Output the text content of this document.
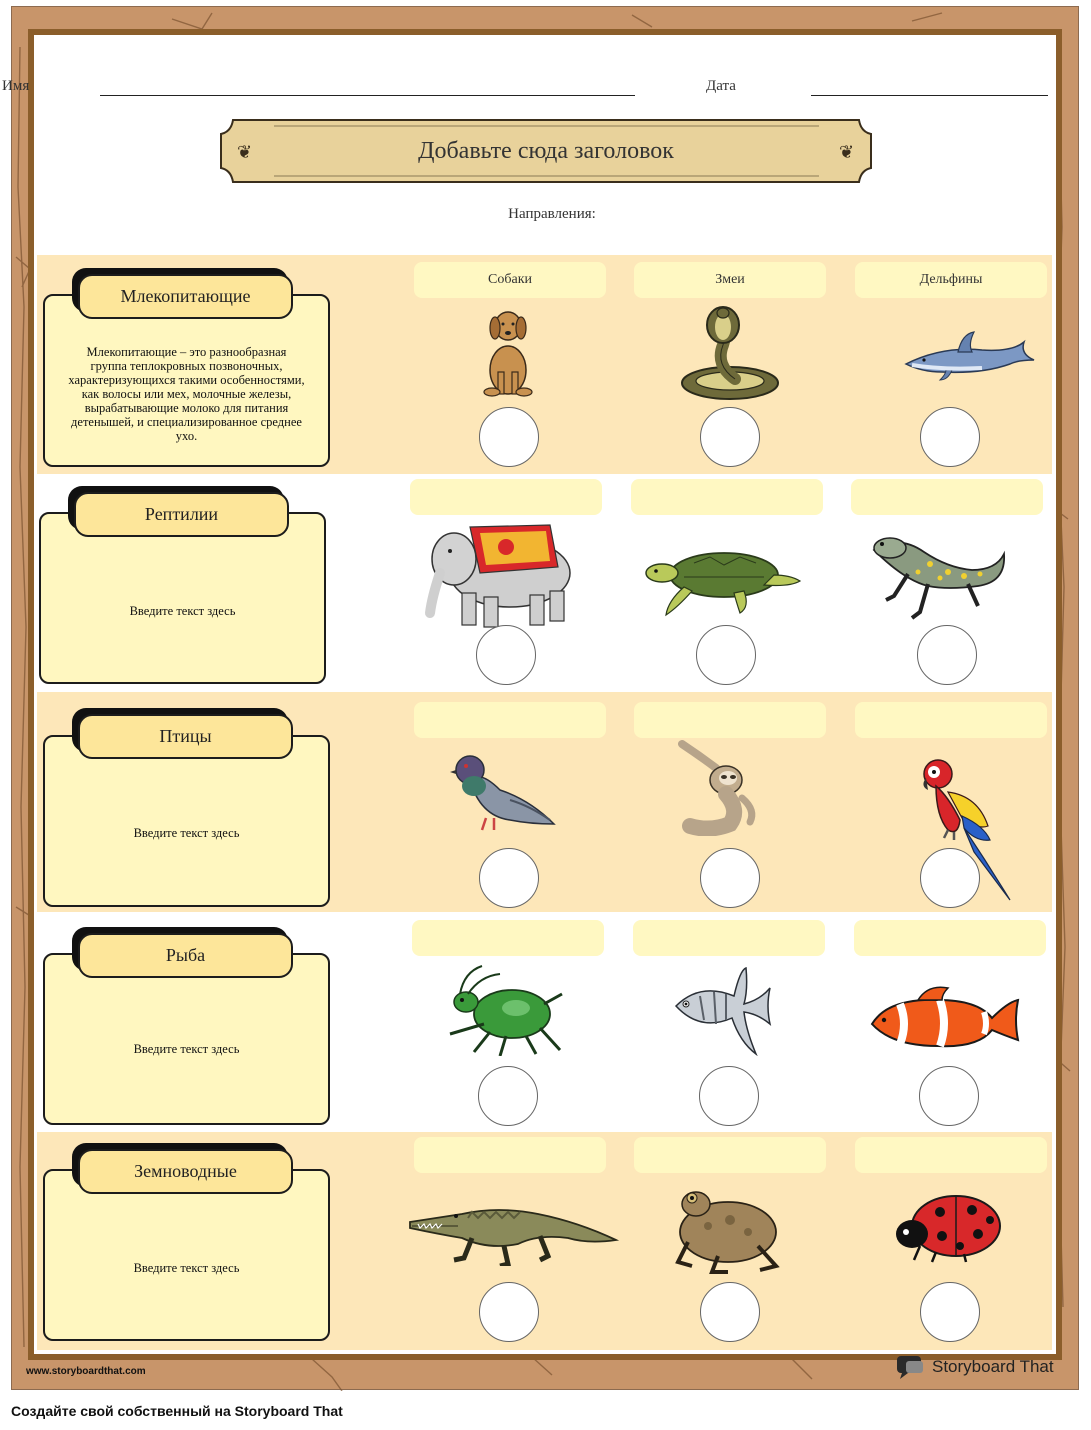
Имя	Дата
❦	❦
Добавьте сюда заголовок
Направления:
Млекопитающие – это разнообразная группа теплокровных позвоночных, характеризующихся такими особенностями, как волосы или мех, молочные железы, вырабатывающие молоко для питания детенышей, и специализированное среднее ухо.
Млекопитающие
Собаки	Змеи	Дельфины
Введите текст здесь
Рептилии
Введите текст здесь
Птицы
Введите текст здесь
Рыба
Введите текст здесь
Земноводные
www.storyboardthat.com	Storyboard That
Создайте свой собственный на Storyboard That
